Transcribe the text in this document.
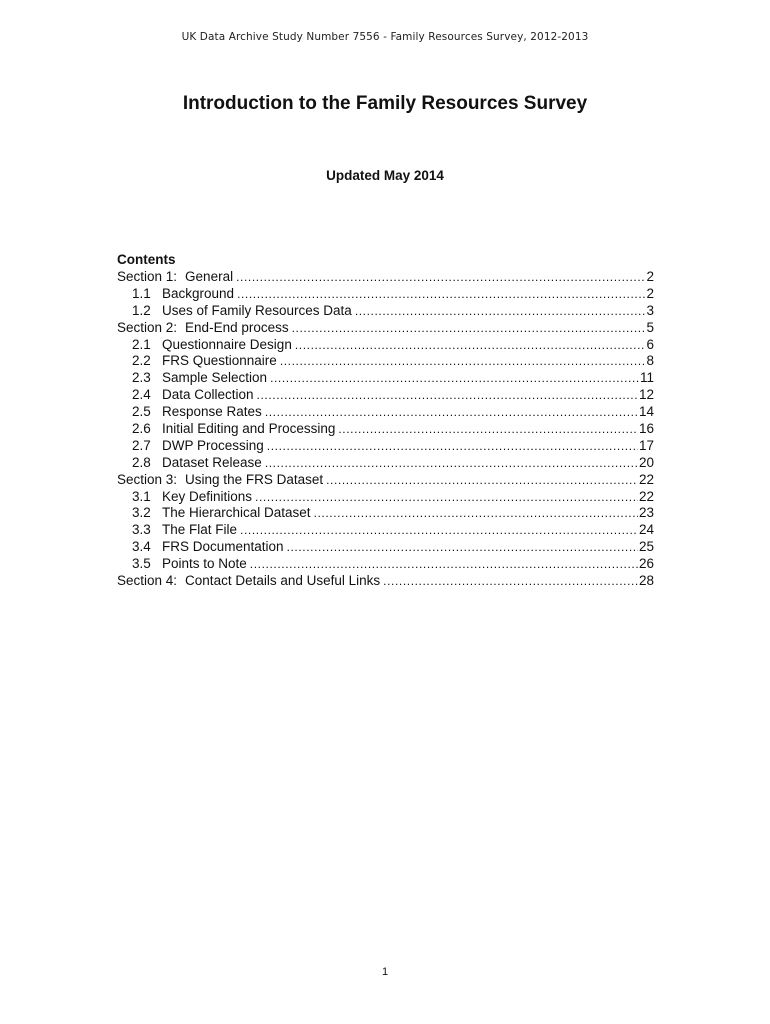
UK Data Archive Study Number 7556 - Family Resources Survey, 2012-2013
Introduction to the Family Resources Survey
Updated May 2014
Contents
Section 1: General .....	2
1.1 Background .....	2
1.2 Uses of Family Resources Data .....	3
Section 2: End-End process .....	5
2.1 Questionnaire Design .....	6
2.2 FRS Questionnaire .....	8
2.3 Sample Selection .....	11
2.4 Data Collection .....	12
2.5 Response Rates .....	14
2.6 Initial Editing and Processing .....	16
2.7 DWP Processing .....	17
2.8 Dataset Release .....	20
Section 3: Using the FRS Dataset .....	22
3.1 Key Definitions .....	22
3.2 The Hierarchical Dataset .....	23
3.3 The Flat File .....	24
3.4 FRS Documentation .....	25
3.5 Points to Note .....	26
Section 4: Contact Details and Useful Links .....	28
1
